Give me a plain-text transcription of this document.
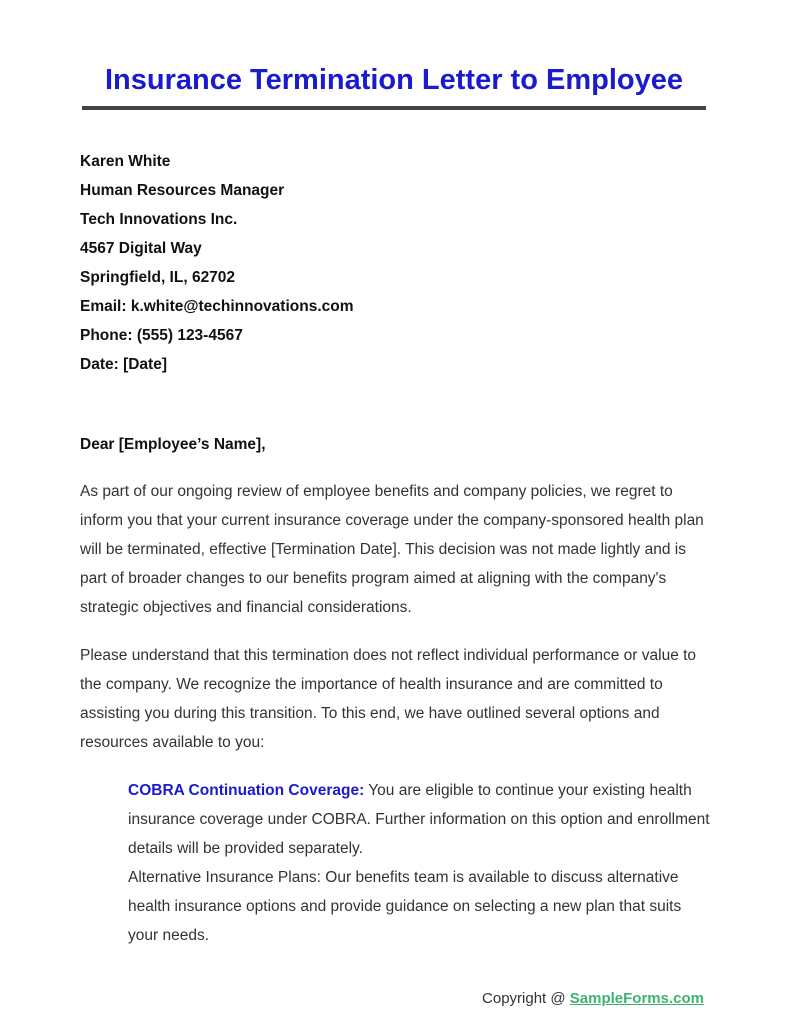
Insurance Termination Letter to Employee
Karen White
Human Resources Manager
Tech Innovations Inc.
4567 Digital Way
Springfield, IL, 62702
Email: k.white@techinnovations.com
Phone: (555) 123-4567
Date: [Date]
Dear [Employee’s Name],

As part of our ongoing review of employee benefits and company policies, we regret to inform you that your current insurance coverage under the company-sponsored health plan will be terminated, effective [Termination Date]. This decision was not made lightly and is part of broader changes to our benefits program aimed at aligning with the company's strategic objectives and financial considerations.

Please understand that this termination does not reflect individual performance or value to the company. We recognize the importance of health insurance and are committed to assisting you during this transition. To this end, we have outlined several options and resources available to you:

COBRA Continuation Coverage: You are eligible to continue your existing health insurance coverage under COBRA. Further information on this option and enrollment details will be provided separately.
Alternative Insurance Plans: Our benefits team is available to discuss alternative health insurance options and provide guidance on selecting a new plan that suits your needs.
Copyright @ SampleForms.com
